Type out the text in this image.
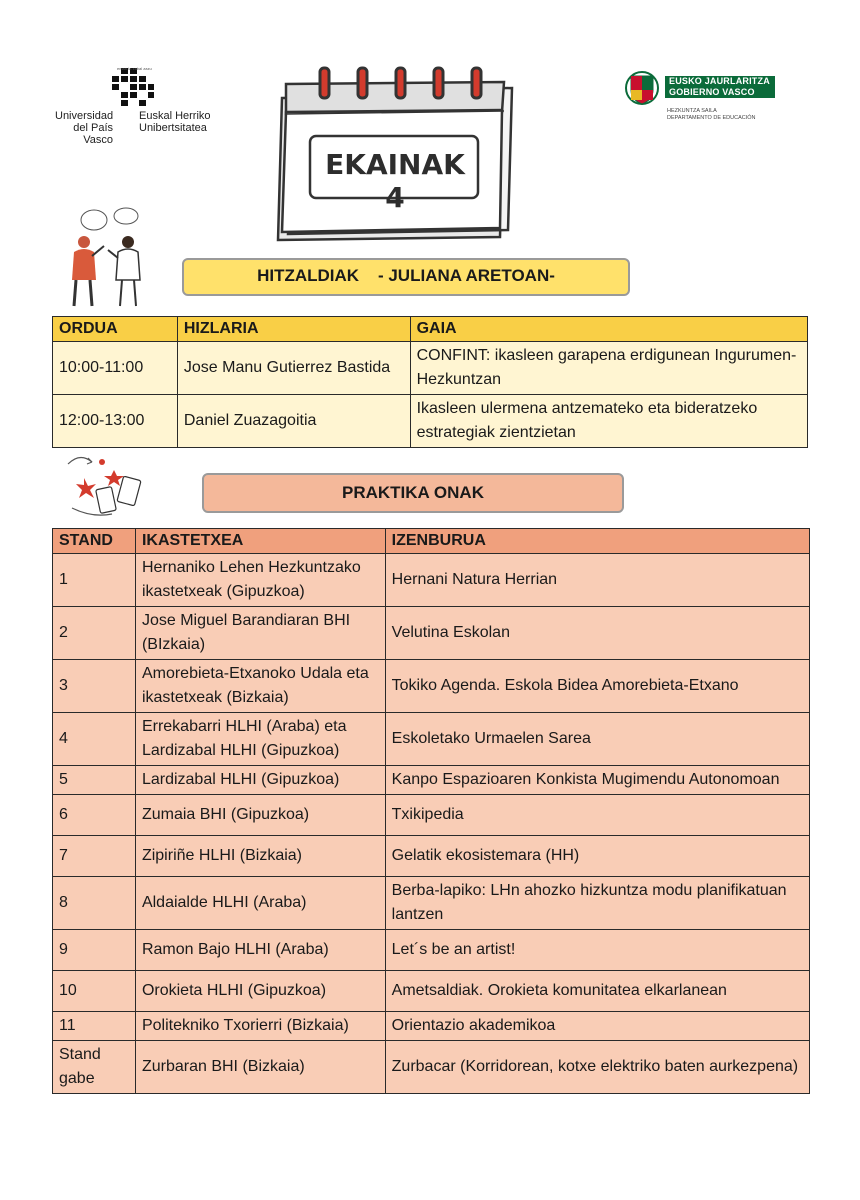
eman ta zabal zazu
Universidad
del País Vasco
Euskal Herriko
Unibertsitatea
EKAINAK 4
EUSKO JAURLARITZA
GOBIERNO VASCO
HEZKUNTZA SAILA
DEPARTAMENTO DE EDUCACIÓN
HITZALDIAK    - JULIANA ARETOAN-
ORDUA	HIZLARIA	GAIA
10:00-11:00	Jose Manu Gutierrez Bastida	CONFINT: ikasleen garapena erdigunean Ingurumen-Hezkuntzan
12:00-13:00	Daniel Zuazagoitia	Ikasleen ulermena antzemateko eta bideratzeko estrategiak zientzietan
PRAKTIKA ONAK
STAND	IKASTETXEA	IZENBURUA
1	Hernaniko Lehen Hezkuntzako ikastetxeak (Gipuzkoa)	Hernani Natura Herrian
2	Jose Miguel Barandiaran BHI (BIzkaia)	Velutina Eskolan
3	Amorebieta-Etxanoko Udala eta ikastetxeak (Bizkaia)	Tokiko Agenda. Eskola Bidea Amorebieta-Etxano
4	Errekabarri HLHI (Araba) eta Lardizabal HLHI (Gipuzkoa)	Eskoletako Urmaelen Sarea
5	Lardizabal HLHI (Gipuzkoa)	Kanpo Espazioaren Konkista Mugimendu Autonomoan
6	Zumaia BHI (Gipuzkoa)	Txikipedia
7	Zipiriñe HLHI (Bizkaia)	Gelatik ekosistemara (HH)
8	Aldaialde HLHI (Araba)	Berba-lapiko: LHn ahozko hizkuntza modu planifikatuan lantzen
9	Ramon Bajo HLHI (Araba)	Let´s be an artist!
10	Orokieta HLHI (Gipuzkoa)	Ametsaldiak. Orokieta komunitatea elkarlanean
11	Politekniko Txorierri (Bizkaia)	Orientazio akademikoa
Stand gabe	Zurbaran BHI (Bizkaia)	Zurbacar (Korridorean, kotxe elektriko baten aurkezpena)
